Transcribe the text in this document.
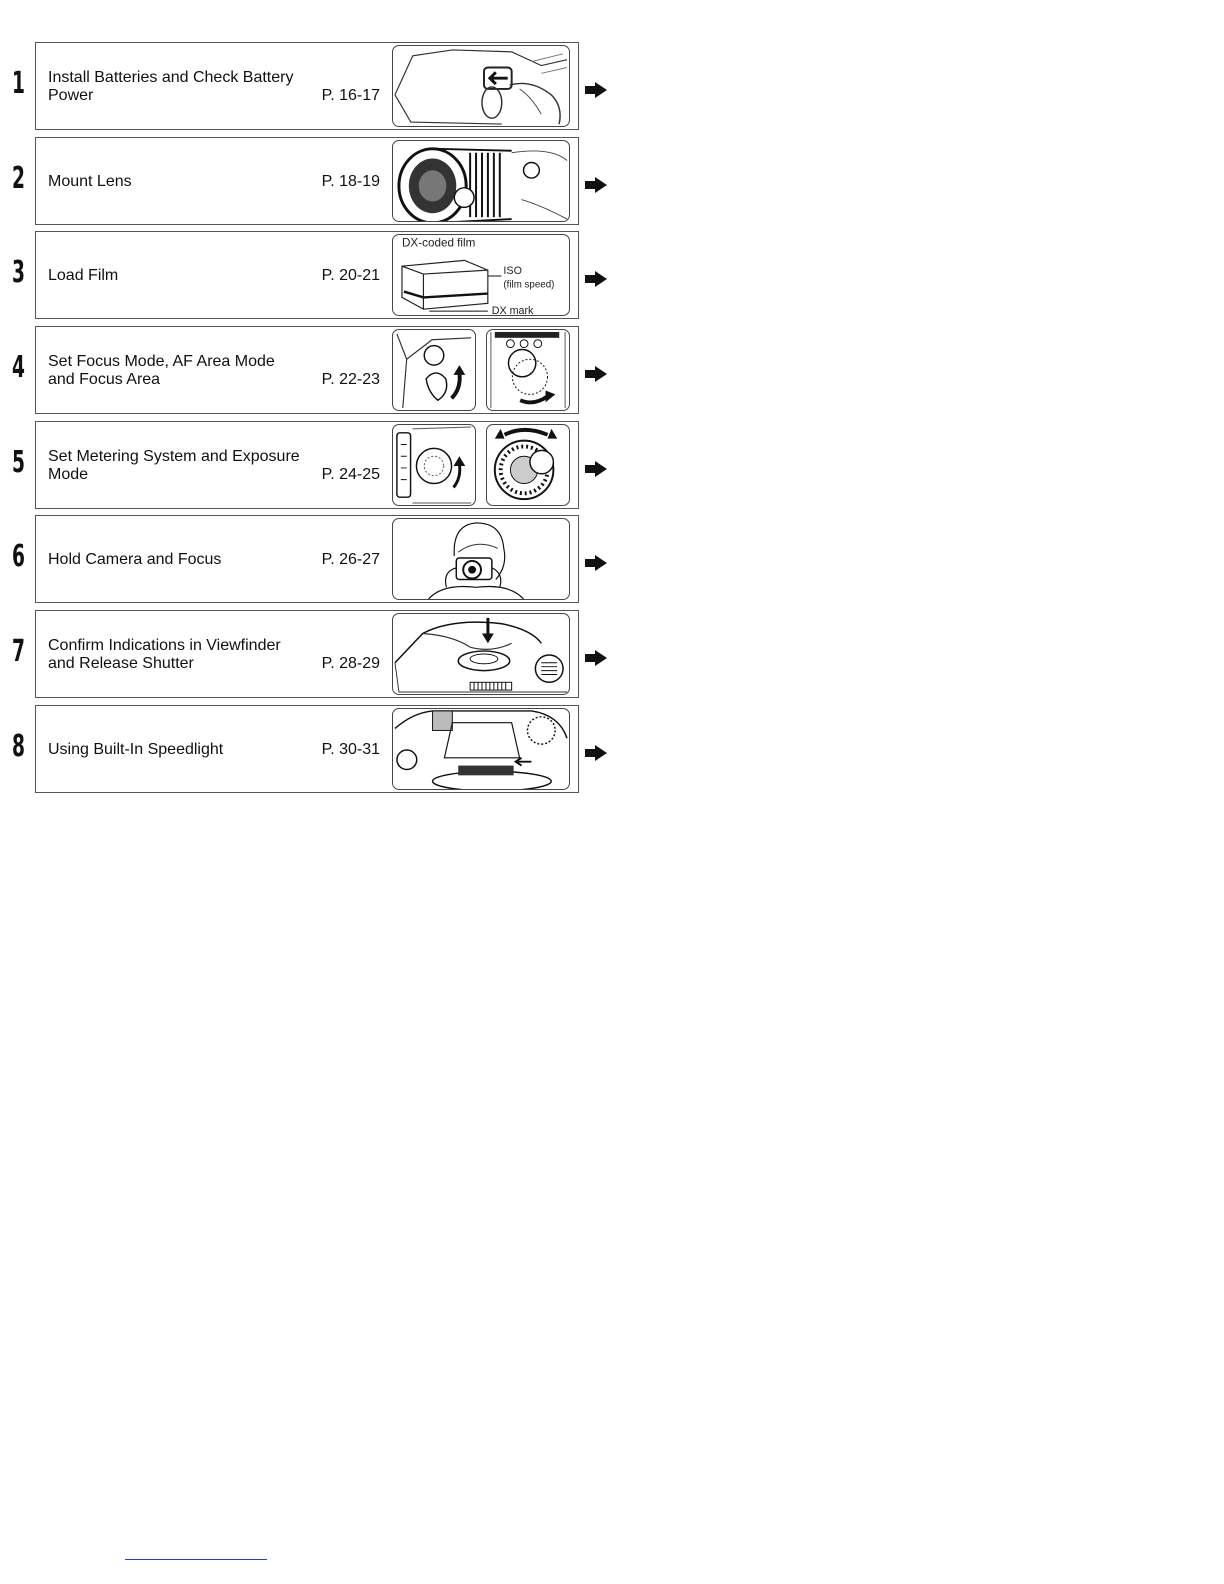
1 Install Batteries and Check Battery
Power	P. 16-17
2 Mount Lens	P. 18-19
3 Load Film	P. 20-21
DX-coded film
ISO
(film speed)
DX mark
4 Set Focus Mode, AF Area Mode
and Focus Area	P. 22-23
5 Set Metering System and Exposure
Mode	P. 24-25
6 Hold Camera and Focus	P. 26-27
7 Confirm Indications in Viewfinder
and Release Shutter	P. 28-29
8 Using Built-In Speedlight	P. 30-31
